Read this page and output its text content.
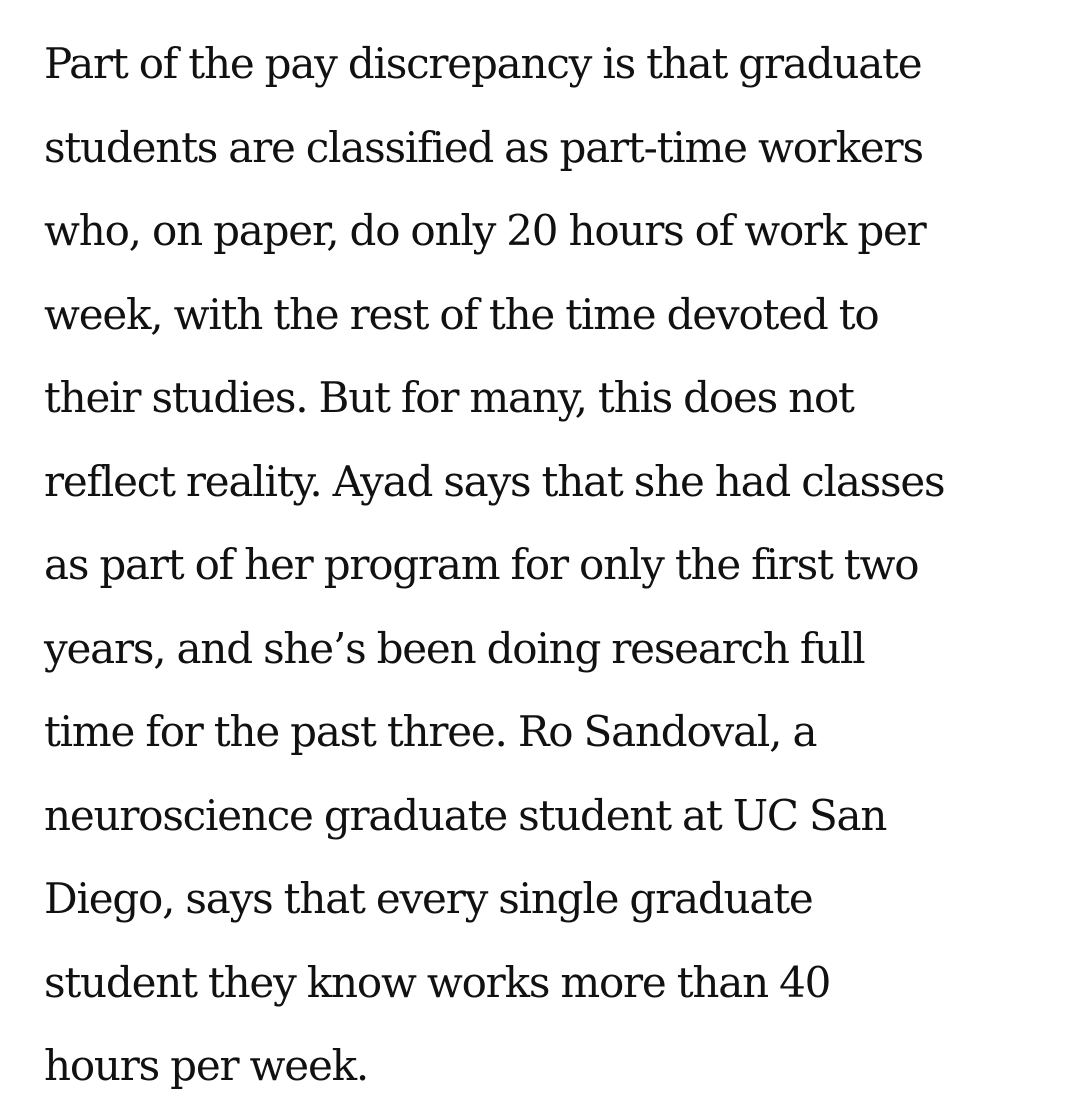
Part of the pay discrepancy is that graduate
students are classified as part-time workers
who, on paper, do only 20 hours of work per
week, with the rest of the time devoted to
their studies. But for many, this does not
reflect reality. Ayad says that she had classes
as part of her program for only the first two
years, and she’s been doing research full
time for the past three. Ro Sandoval, a
neuroscience graduate student at UC San
Diego, says that every single graduate
student they know works more than 40
hours per week.
